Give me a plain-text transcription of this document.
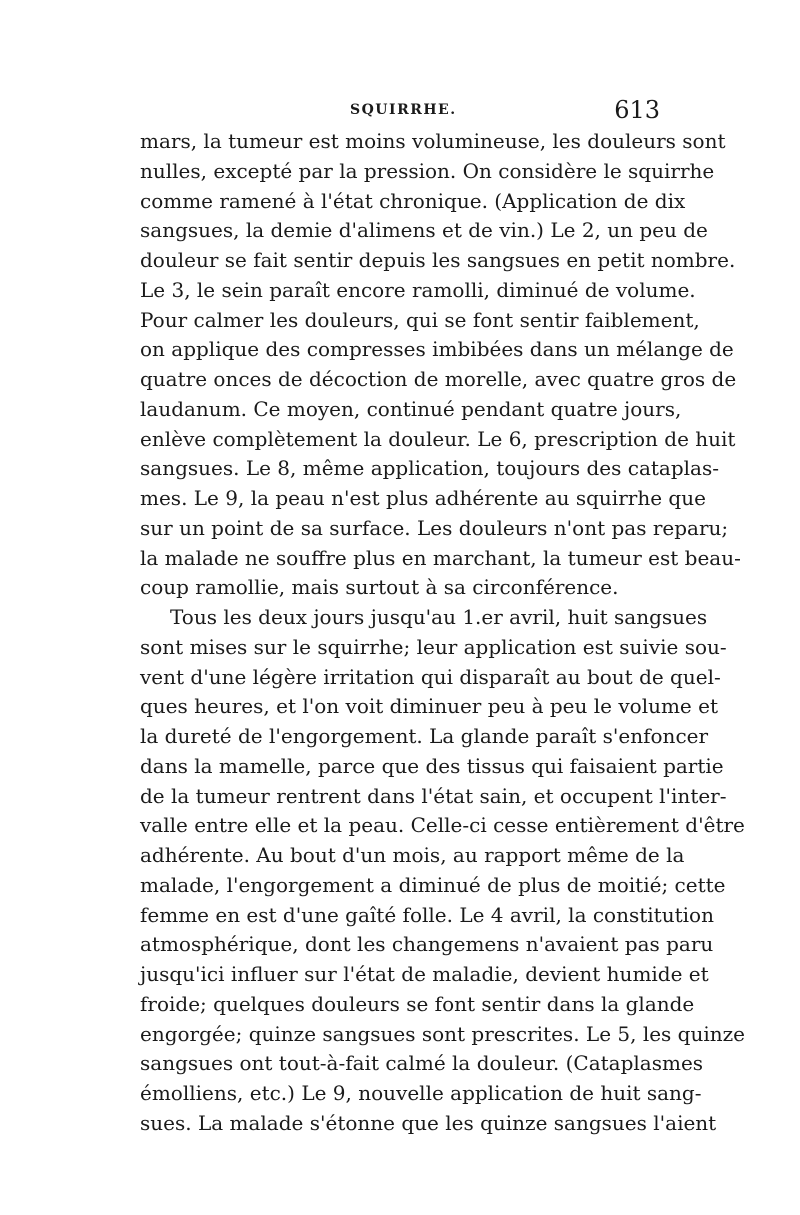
SQUIRRHE.	613
mars, la tumeur est moins volumineuse, les douleurs sont
nulles, excepté par la pression. On considère le squirrhe
comme ramené à l'état chronique. (Application de dix
sangsues, la demie d'alimens et de vin.) Le 2, un peu de
douleur se fait sentir depuis les sangsues en petit nombre.
Le 3, le sein paraît encore ramolli, diminué de volume.
Pour calmer les douleurs, qui se font sentir faiblement,
on applique des compresses imbibées dans un mélange de
quatre onces de décoction de morelle, avec quatre gros de
laudanum. Ce moyen, continué pendant quatre jours,
enlève complètement la douleur. Le 6, prescription de huit
sangsues. Le 8, même application, toujours des cataplas-
mes. Le 9, la peau n'est plus adhérente au squirrhe que
sur un point de sa surface. Les douleurs n'ont pas reparu;
la malade ne souffre plus en marchant, la tumeur est beau-
coup ramollie, mais surtout à sa circonférence.
Tous les deux jours jusqu'au 1.er avril, huit sangsues
sont mises sur le squirrhe; leur application est suivie sou-
vent d'une légère irritation qui disparaît au bout de quel-
ques heures, et l'on voit diminuer peu à peu le volume et
la dureté de l'engorgement. La glande paraît s'enfoncer
dans la mamelle, parce que des tissus qui faisaient partie
de la tumeur rentrent dans l'état sain, et occupent l'inter-
valle entre elle et la peau. Celle-ci cesse entièrement d'être
adhérente. Au bout d'un mois, au rapport même de la
malade, l'engorgement a diminué de plus de moitié; cette
femme en est d'une gaîté folle. Le 4 avril, la constitution
atmosphérique, dont les changemens n'avaient pas paru
jusqu'ici influer sur l'état de maladie, devient humide et
froide; quelques douleurs se font sentir dans la glande
engorgée; quinze sangsues sont prescrites. Le 5, les quinze
sangsues ont tout-à-fait calmé la douleur. (Cataplasmes
émolliens, etc.) Le 9, nouvelle application de huit sang-
sues. La malade s'étonne que les quinze sangsues l'aient
